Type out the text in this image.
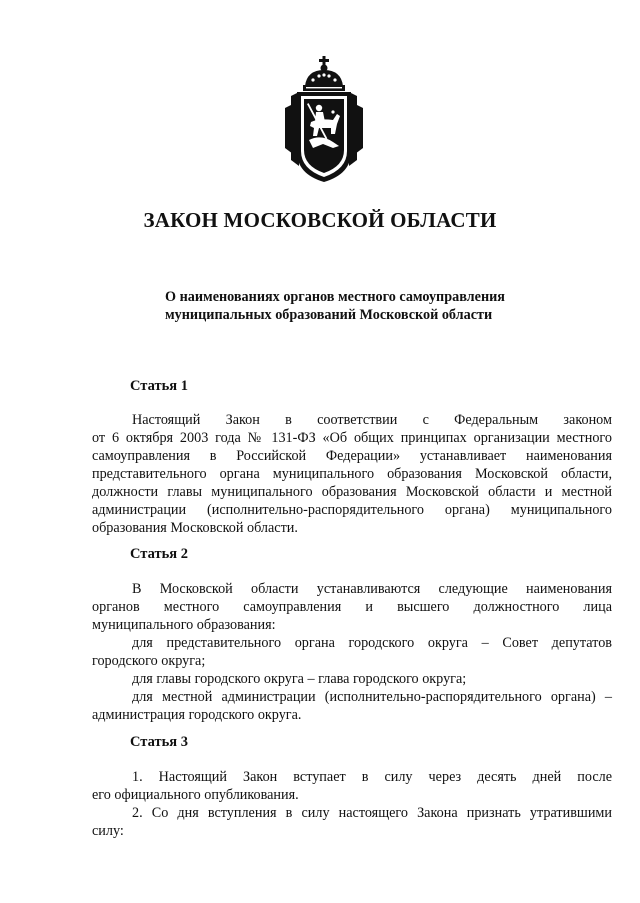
ЗАКОН МОСКОВСКОЙ ОБЛАСТИ
О наименованиях органов местного самоуправления
муниципальных образований Московской области
Статья 1
Настоящий Закон в соответствии с Федеральным законом
от 6 октября 2003 года № 131-ФЗ «Об общих принципах организации местного
самоуправления в Российской Федерации» устанавливает наименования
представительного органа муниципального образования Московской области,
должности главы муниципального образования Московской области и местной
администрации (исполнительно-распорядительного органа) муниципального
образования Московской области.
Статья 2
В Московской области устанавливаются следующие наименования
органов местного самоуправления и высшего должностного лица
муниципального образования:
для представительного органа городского округа – Совет депутатов
городского округа;
для главы городского округа – глава городского округа;
для местной администрации (исполнительно-распорядительного органа) –
администрация городского округа.
Статья 3
1. Настоящий Закон вступает в силу через десять дней после
его официального опубликования.
2. Со дня вступления в силу настоящего Закона признать утратившими
силу:
